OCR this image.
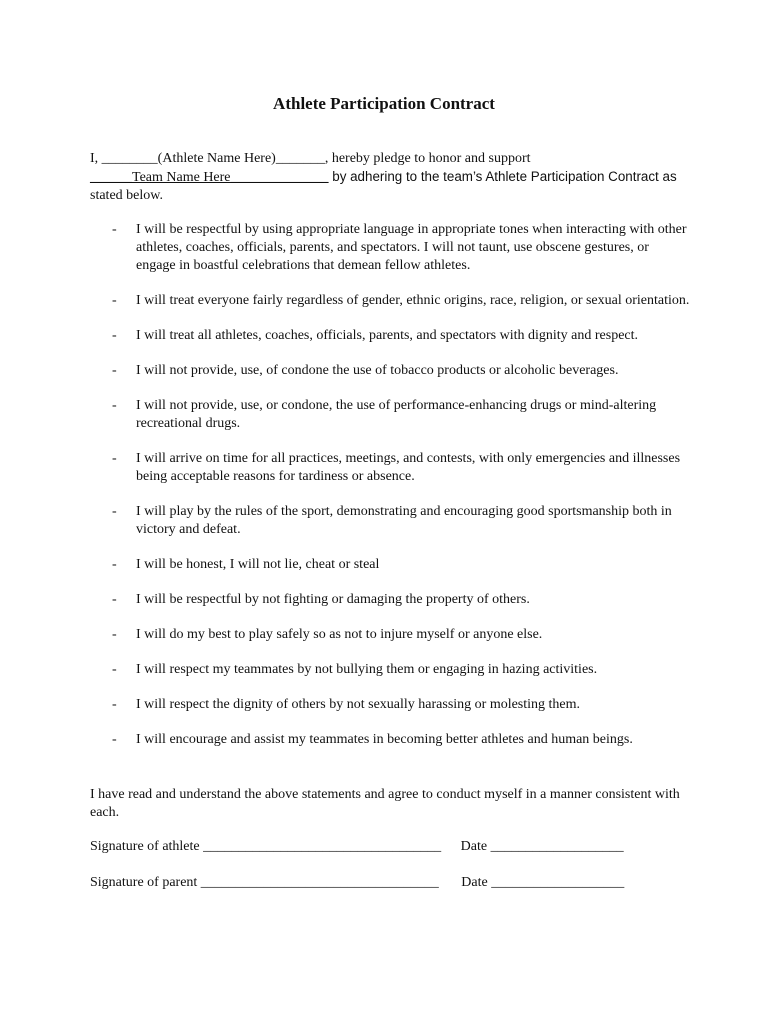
Athlete Participation Contract
I, ________(Athlete Name Here)_______, hereby pledge to honor and support
______Team Name Here______________ by adhering to the team’s Athlete Participation Contract as
stated below.
- I will be respectful by using appropriate language in appropriate tones when interacting with other athletes, coaches, officials, parents, and spectators. I will not taunt, use obscene gestures, or engage in boastful celebrations that demean fellow athletes.
- I will treat everyone fairly regardless of gender, ethnic origins, race, religion, or sexual orientation.
- I will treat all athletes, coaches, officials, parents, and spectators with dignity and respect.
- I will not provide, use, of condone the use of tobacco products or alcoholic beverages.
- I will not provide, use, or condone, the use of performance-enhancing drugs or mind-altering recreational drugs.
- I will arrive on time for all practices, meetings, and contests, with only emergencies and illnesses being acceptable reasons for tardiness or absence.
- I will play by the rules of the sport, demonstrating and encouraging good sportsmanship both in victory and defeat.
- I will be honest, I will not lie, cheat or steal
- I will be respectful by not fighting or damaging the property of others.
- I will do my best to play safely so as not to injure myself or anyone else.
- I will respect my teammates by not bullying them or engaging in hazing activities.
- I will respect the dignity of others by not sexually harassing or molesting them.
- I will encourage and assist my teammates in becoming better athletes and human beings.
I have read and understand the above statements and agree to conduct myself in a manner consistent with each.
Signature of athlete __________________________________ Date ___________________
Signature of parent __________________________________ Date ___________________
